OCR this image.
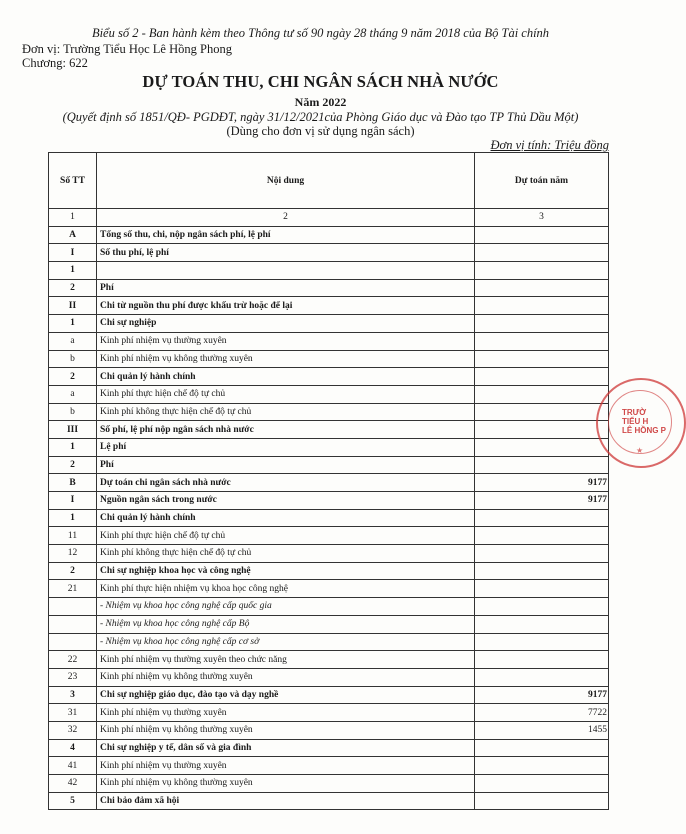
Biểu số 2 - Ban hành kèm theo Thông tư số 90 ngày 28 tháng 9 năm 2018 của Bộ Tài chính
Đơn vị: Trường Tiểu Học Lê Hồng Phong
Chương: 622
DỰ TOÁN THU, CHI NGÂN SÁCH NHÀ NƯỚC
Năm 2022
(Quyết định số 1851/QĐ- PGDĐT, ngày 31/12/2021của Phòng Giáo dục và Đào tạo TP Thủ Dầu Một)
(Dùng cho đơn vị sử dụng ngân sách)
Đơn vị tính: Triệu đồng
Số TT	Nội dung	Dự toán năm
1	2	3
A	Tổng số thu, chi, nộp ngân sách phí, lệ phí	
I	Số thu phí, lệ phí	
1		
2	Phí	
II	Chi từ nguồn thu phí được khấu trừ hoặc để lại	
1	Chi sự nghiệp	
a	Kinh phí nhiệm vụ thường xuyên	
b	Kinh phí nhiệm vụ không thường xuyên	
2	Chi quản lý hành chính	
a	Kinh phí thực hiện chế độ tự chủ	
b	Kinh phí không thực hiện chế độ tự chủ	
III	Số phí, lệ phí nộp ngân sách nhà nước	
1	Lệ phí	
2	Phí	
B	Dự toán chi ngân sách nhà nước	9177
I	Nguồn ngân sách trong nước	9177
1	Chi quản lý hành chính	
11	Kinh phí thực hiện chế độ tự chủ	
12	Kinh phí không thực hiện chế độ tự chủ	
2	Chi sự nghiệp khoa học và công nghệ	
21	Kinh phí thực hiện nhiệm vụ khoa học công nghệ	
	- Nhiệm vụ khoa học công nghệ cấp quốc gia	
	- Nhiệm vụ khoa học công nghệ cấp Bộ	
	- Nhiệm vụ khoa học công nghệ cấp cơ sở	
22	Kinh phí nhiệm vụ thường xuyên theo chức năng	
23	Kinh phí nhiệm vụ không thường xuyên	
3	Chi sự nghiệp giáo dục, đào tạo và dạy nghề	9177
31	Kinh phí nhiệm vụ thường xuyên	7722
32	Kinh phí nhiệm vụ không thường xuyên	1455
4	Chi sự nghiệp y tế, dân số và gia đình	
41	Kinh phí nhiệm vụ thường xuyên	
42	Kinh phí nhiệm vụ không thường xuyên	
5	Chi bảo đảm xã hội	
TRƯỜ
TIỂU H
LÊ HỒNG P
★
